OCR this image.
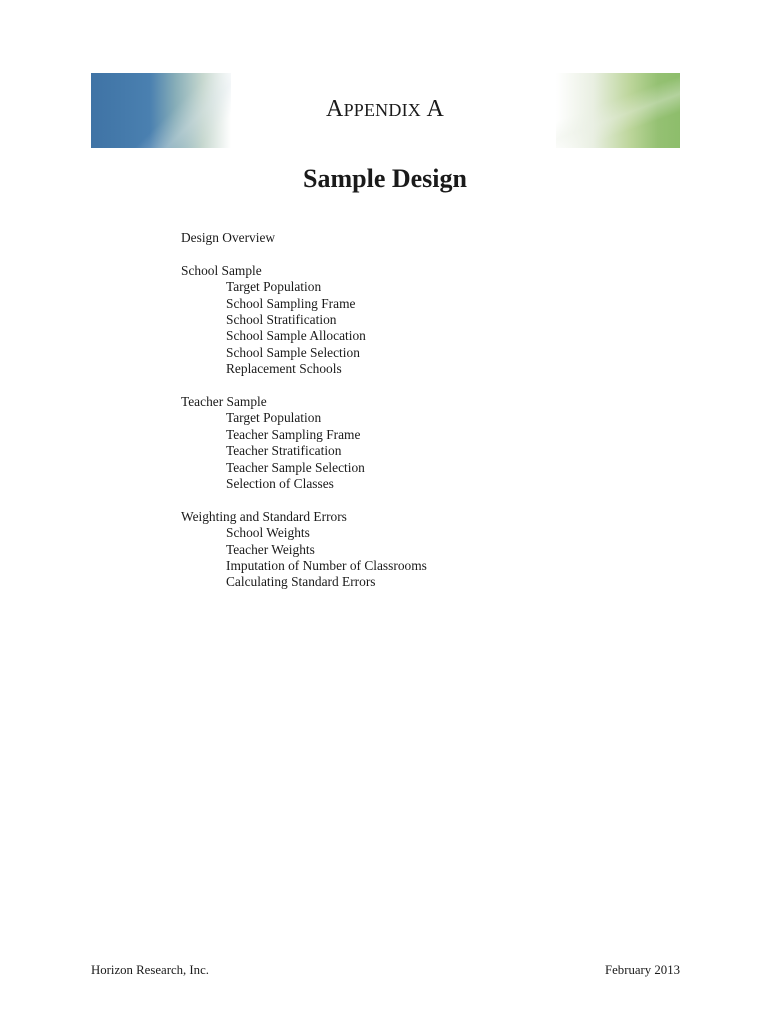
APPENDIX A
Sample Design
Design Overview
School Sample
Target Population
School Sampling Frame
School Stratification
School Sample Allocation
School Sample Selection
Replacement Schools
Teacher Sample
Target Population
Teacher Sampling Frame
Teacher Stratification
Teacher Sample Selection
Selection of Classes
Weighting and Standard Errors
School Weights
Teacher Weights
Imputation of Number of Classrooms
Calculating Standard Errors
Horizon Research, Inc.	February 2013
